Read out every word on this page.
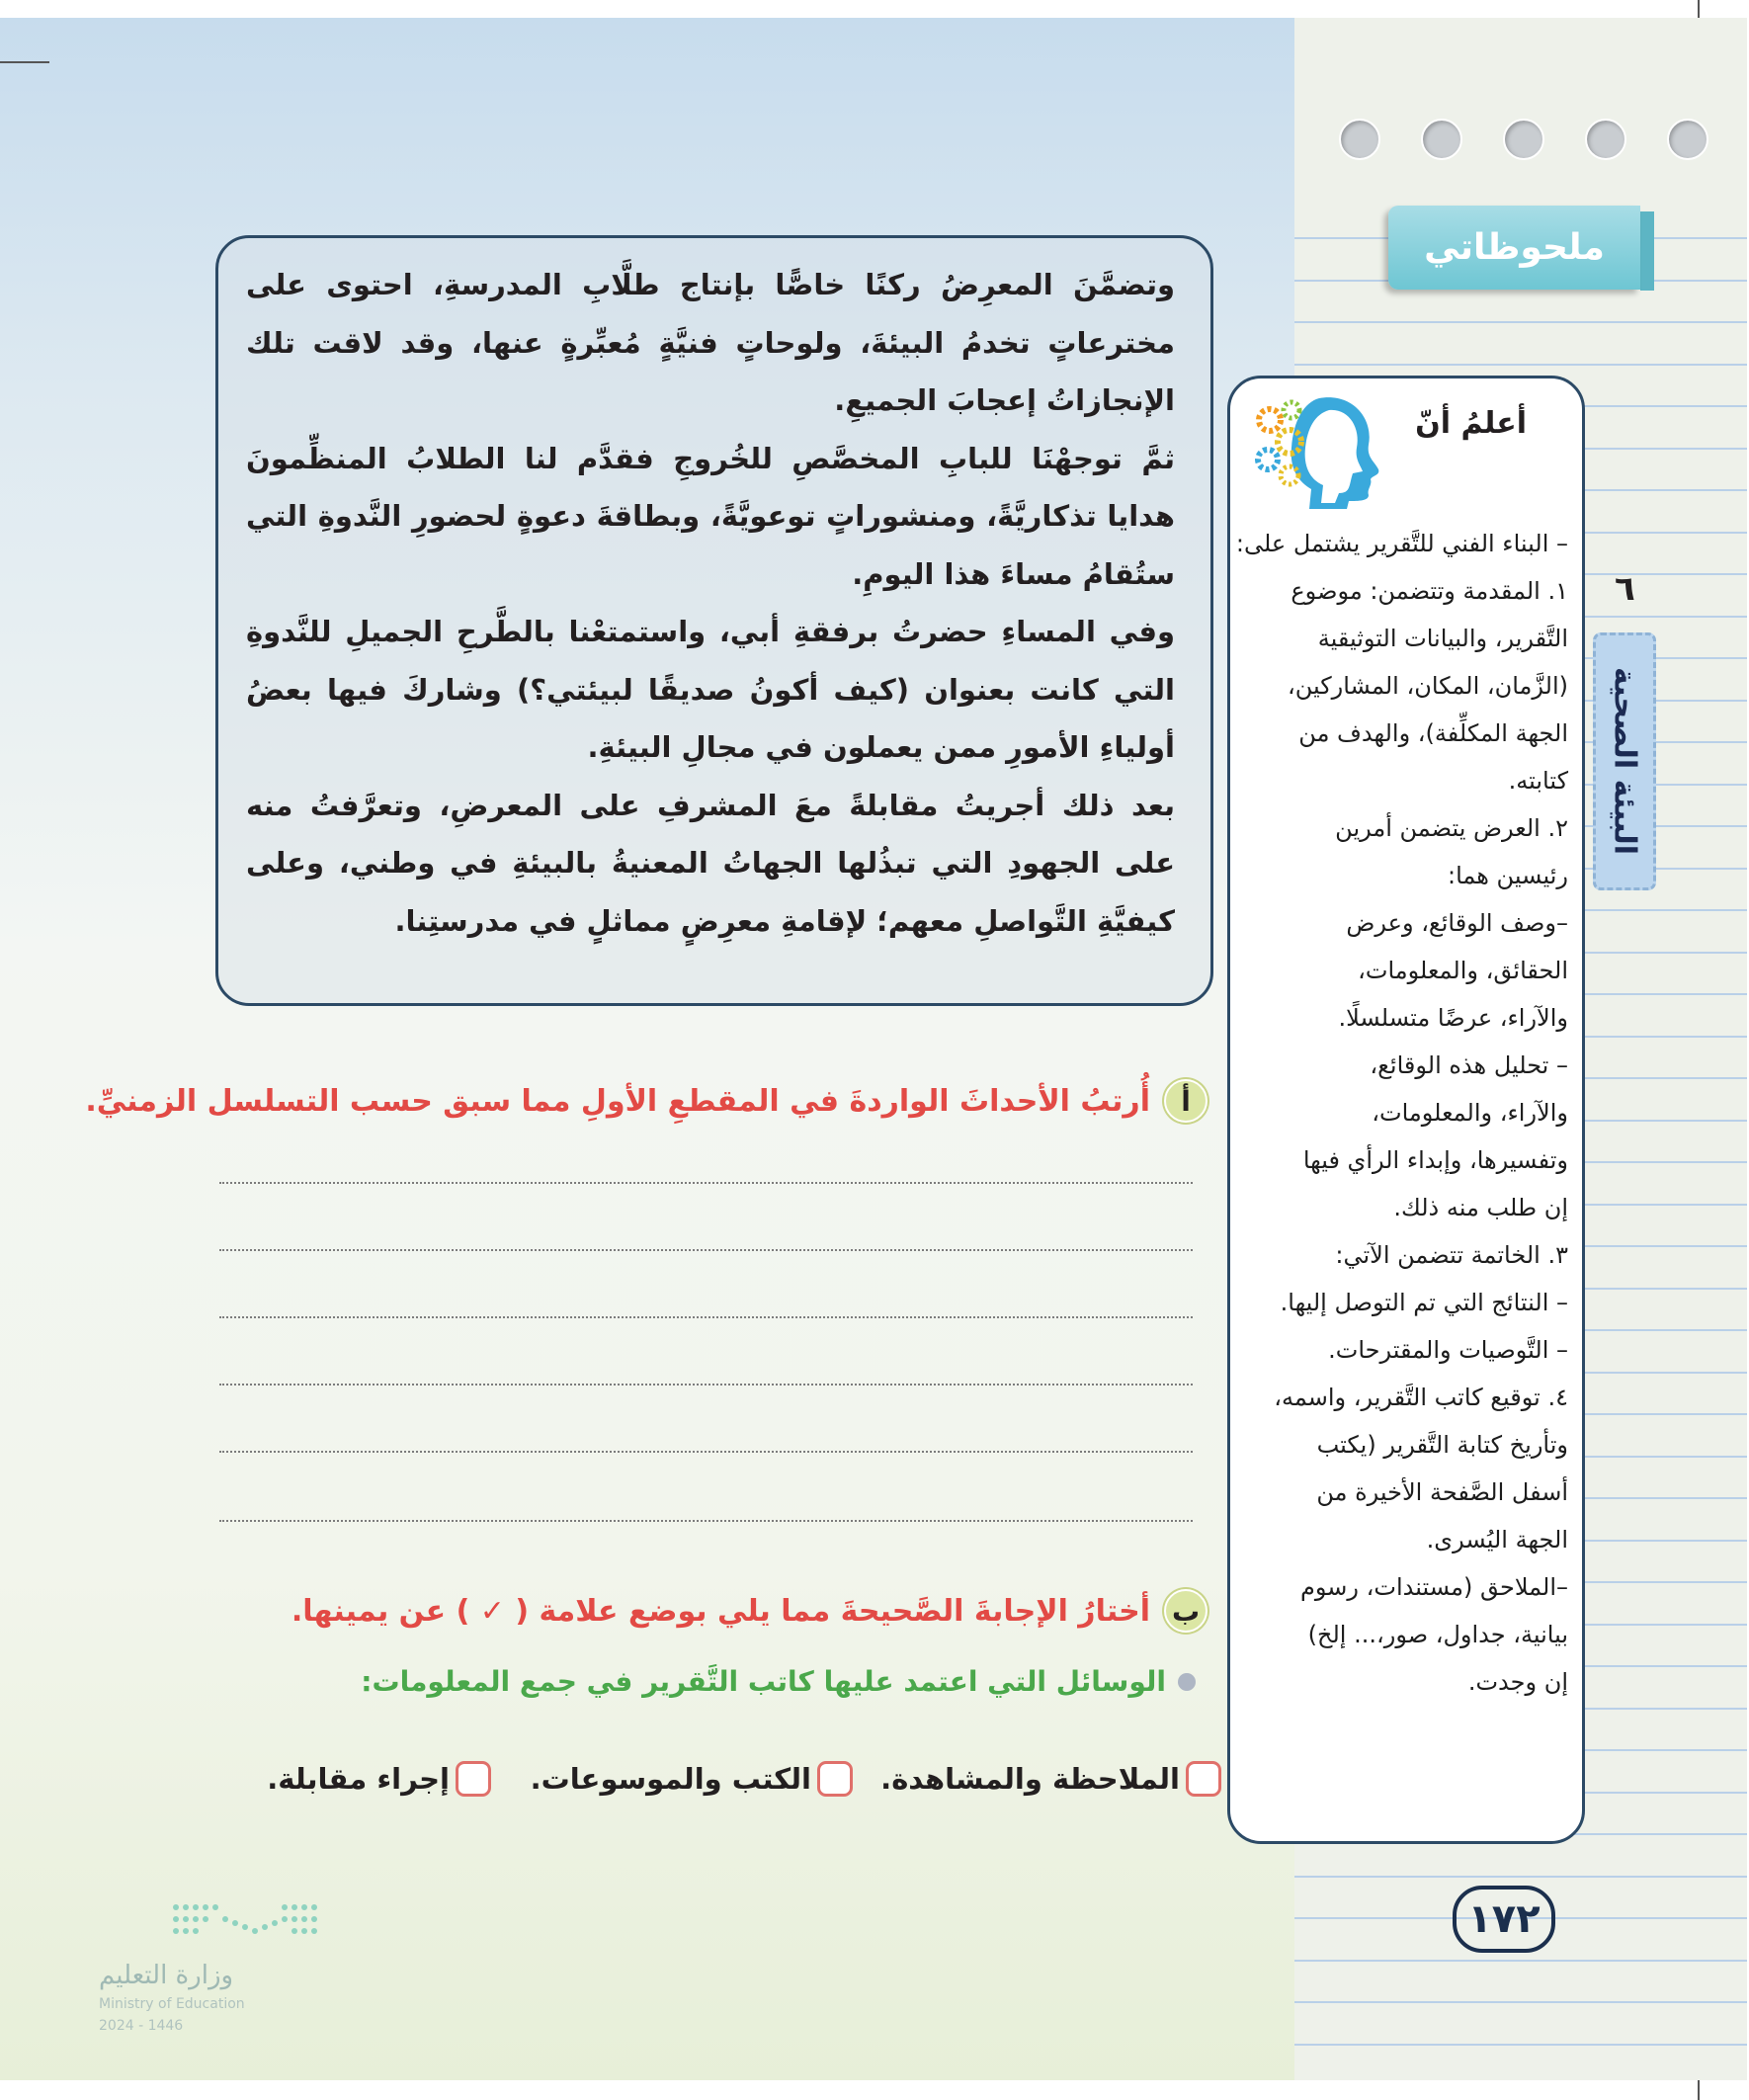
ملحوظاتي
٦
البيئة الصحية

وتضمَّنَ المعرِضُ ركنًا خاصًّا بإنتاج طلَّابِ المدرسةِ، احتوى على مخترعاتٍ تخدمُ البيئةَ، ولوحاتٍ فنيَّةٍ مُعبِّرةٍ عنها، وقد لاقت تلك الإنجازاتُ إعجابَ الجميعِ.

ثمَّ توجهْنَا للبابِ المخصَّصِ للخُروجِ فقدَّم لنا الطلابُ المنظِّمونَ هدايا تذكاريَّةً، ومنشوراتٍ توعويَّةً، وبطاقةَ دعوةٍ لحضورِ النَّدوةِ التي ستُقامُ مساءَ هذا اليومِ.

وفي المساءِ حضرتُ برفقةِ أبي، واستمتعْنا بالطَّرحِ الجميلِ للنَّدوةِ التي كانت بعنوان (كيف أكونُ صديقًا لبيئتي؟) وشاركَ فيها بعضُ أولياءِ الأمورِ ممن يعملون في مجالِ البيئةِ.

بعد ذلك أجريتُ مقابلةً معَ المشرفِ على المعرضِ، وتعرَّفتُ منه على الجهودِ التي تبذُلها الجهاتُ المعنيةُ بالبيئةِ في وطني، وعلى كيفيَّةِ التَّواصلِ معهم؛ لإقامةِ معرِضٍ مماثلٍ في مدرستِنا.

أ
أُرتبُ الأحداثَ الواردةَ في المقطعِ الأولِ مما سبق حسب التسلسل الزمنيِّ.
ب
أختارُ الإجابةَ الصَّحيحةَ مما يلي بوضع علامة ( ✓ ) عن يمينها.
الوسائل التي اعتمد عليها كاتب التَّقرير في جمع المعلومات:
الملاحظة والمشاهدة.
الكتب والموسوعات.
إجراء مقابلة.
أعلمُ أنّ
– البناء الفني للتَّقرير يشتمل على:
١. المقدمة وتتضمن: موضوع
التَّقرير، والبيانات التوثيقية
(الزَّمان، المكان، المشاركين،
الجهة المكلِّفة)، والهدف من
كتابته.
٢. العرض يتضمن أمرين
رئيسين هما:
–وصف الوقائع، وعرض
الحقائق، والمعلومات،
والآراء، عرضًا متسلسلًا.
– تحليل هذه الوقائع،
والآراء، والمعلومات،
وتفسيرها، وإبداء الرأي فيها
إن طلب منه ذلك.
٣. الخاتمة تتضمن الآتي:
– النتائج التي تم التوصل إليها.
– التَّوصيات والمقترحات.
٤. توقيع كاتب التَّقرير، واسمه،
وتأريخ كتابة التَّقرير (يكتب
أسفل الصَّفحة الأخيرة من
الجهة اليُسرى.
–الملاحق (مستندات، رسوم
بيانية، جداول، صور،... إلخ)
إن وجدت.
١٧٢
وزارة التعليم
Ministry of Education
2024 - 1446
